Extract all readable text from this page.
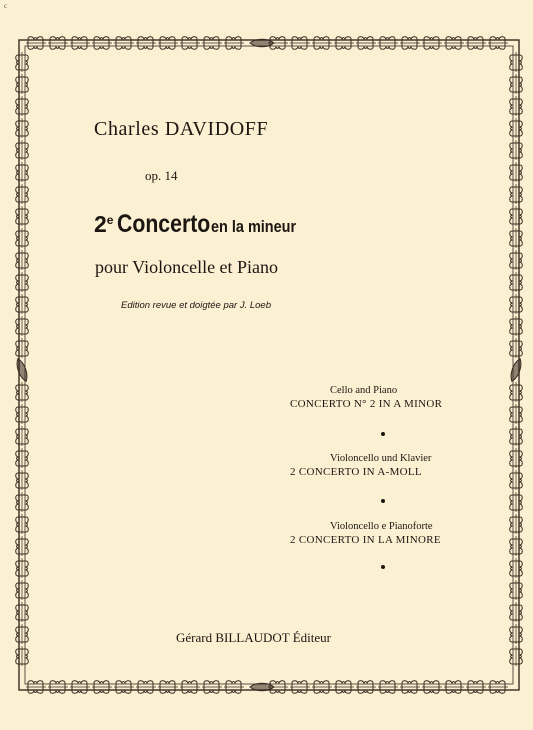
c
Charles DAVIDOFF
op. 14
2e Concertoen la mineur
pour Violoncelle et Piano
Edition revue et doigtée par J. Loeb
Cello and Piano
CONCERTO N° 2 IN A MINOR
Violoncello und Klavier
2 CONCERTO IN A-MOLL
Violoncello e Pianoforte
2 CONCERTO IN LA MINORE
Gérard BILLAUDOT Éditeur
